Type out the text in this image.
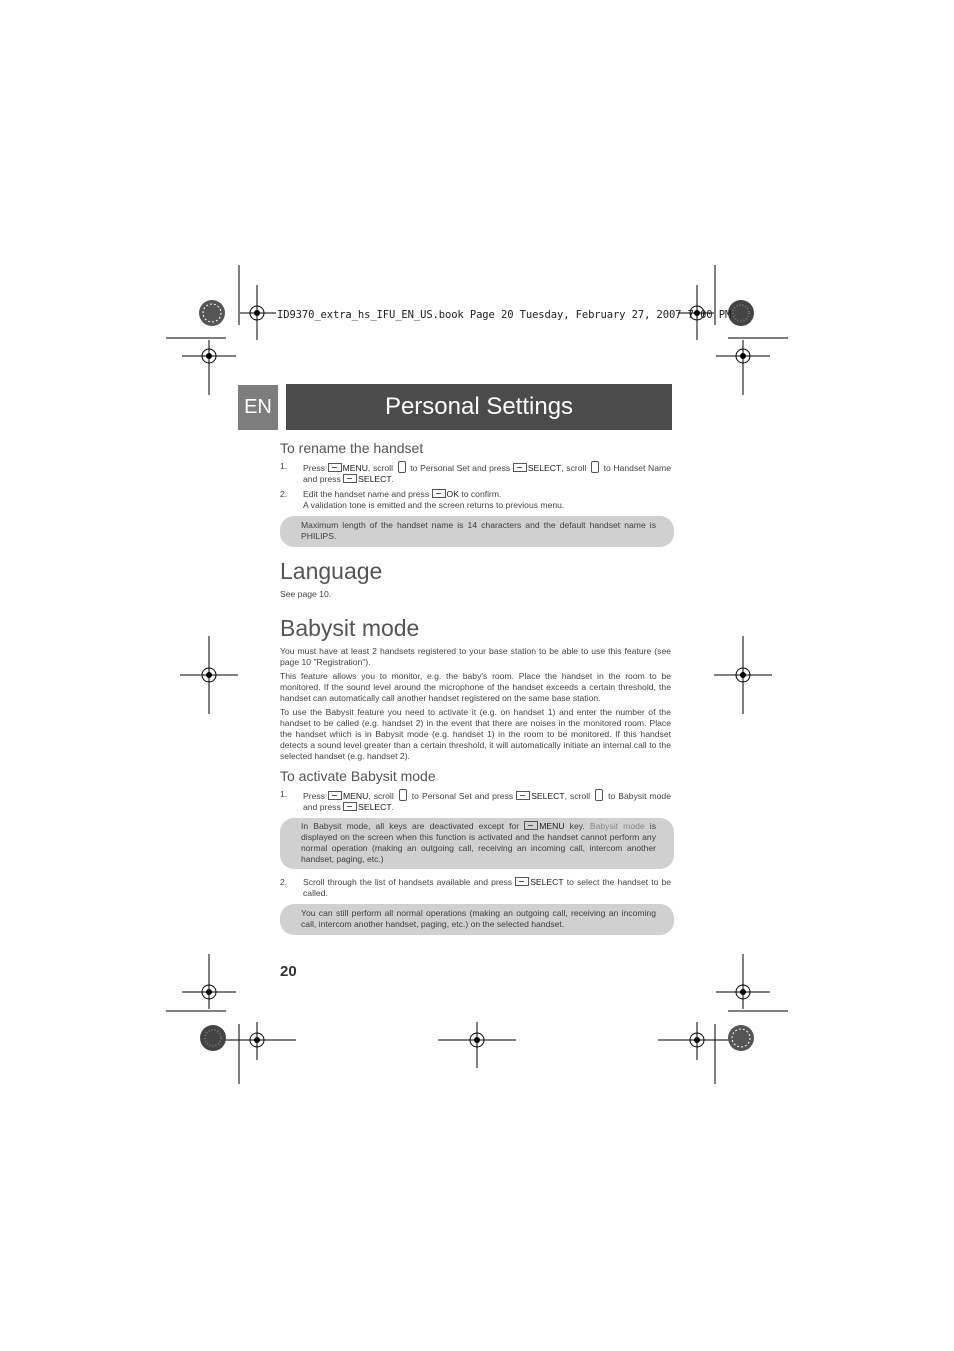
ID9370_extra_hs_IFU_EN_US.book Page 20 Tuesday, February 27, 2007 7:00 PM
EN	Personal Settings
To rename the handset
1.	Press MENU, scroll to Personal Set and press SELECT, scroll to Handset Name and press SELECT.
2.	Edit the handset name and press OK to confirm.
A validation tone is emitted and the screen returns to previous menu.
Maximum length of the handset name is 14 characters and the default handset name is PHILIPS.
Language
See page 10.
Babysit mode
You must have at least 2 handsets registered to your base station to be able to use this feature (see page 10 "Registration").
This feature allows you to monitor, e.g. the baby's room. Place the handset in the room to be monitored. If the sound level around the microphone of the handset exceeds a certain threshold, the handset can automatically call another handset registered on the same base station.
To use the Babysit feature you need to activate it (e.g. on handset 1) and enter the number of the handset to be called (e.g. handset 2) in the event that there are noises in the monitored room. Place the handset which is in Babysit mode (e.g. handset 1) in the room to be monitored. If this handset detects a sound level greater than a certain threshold, it will automatically initiate an internal call to the selected handset (e.g. handset 2).
To activate Babysit mode
1.	Press MENU, scroll to Personal Set and press SELECT, scroll to Babysit mode and press SELECT.
In Babysit mode, all keys are deactivated except for MENU key. Babysit mode is displayed on the screen when this function is activated and the handset cannot perform any normal operation (making an outgoing call, receiving an incoming call, intercom another handset, paging, etc.)
2.	Scroll through the list of handsets available and press SELECT to select the handset to be called.
You can still perform all normal operations (making an outgoing call, receiving an incoming call, intercom another handset, paging, etc.) on the selected handset.
20
